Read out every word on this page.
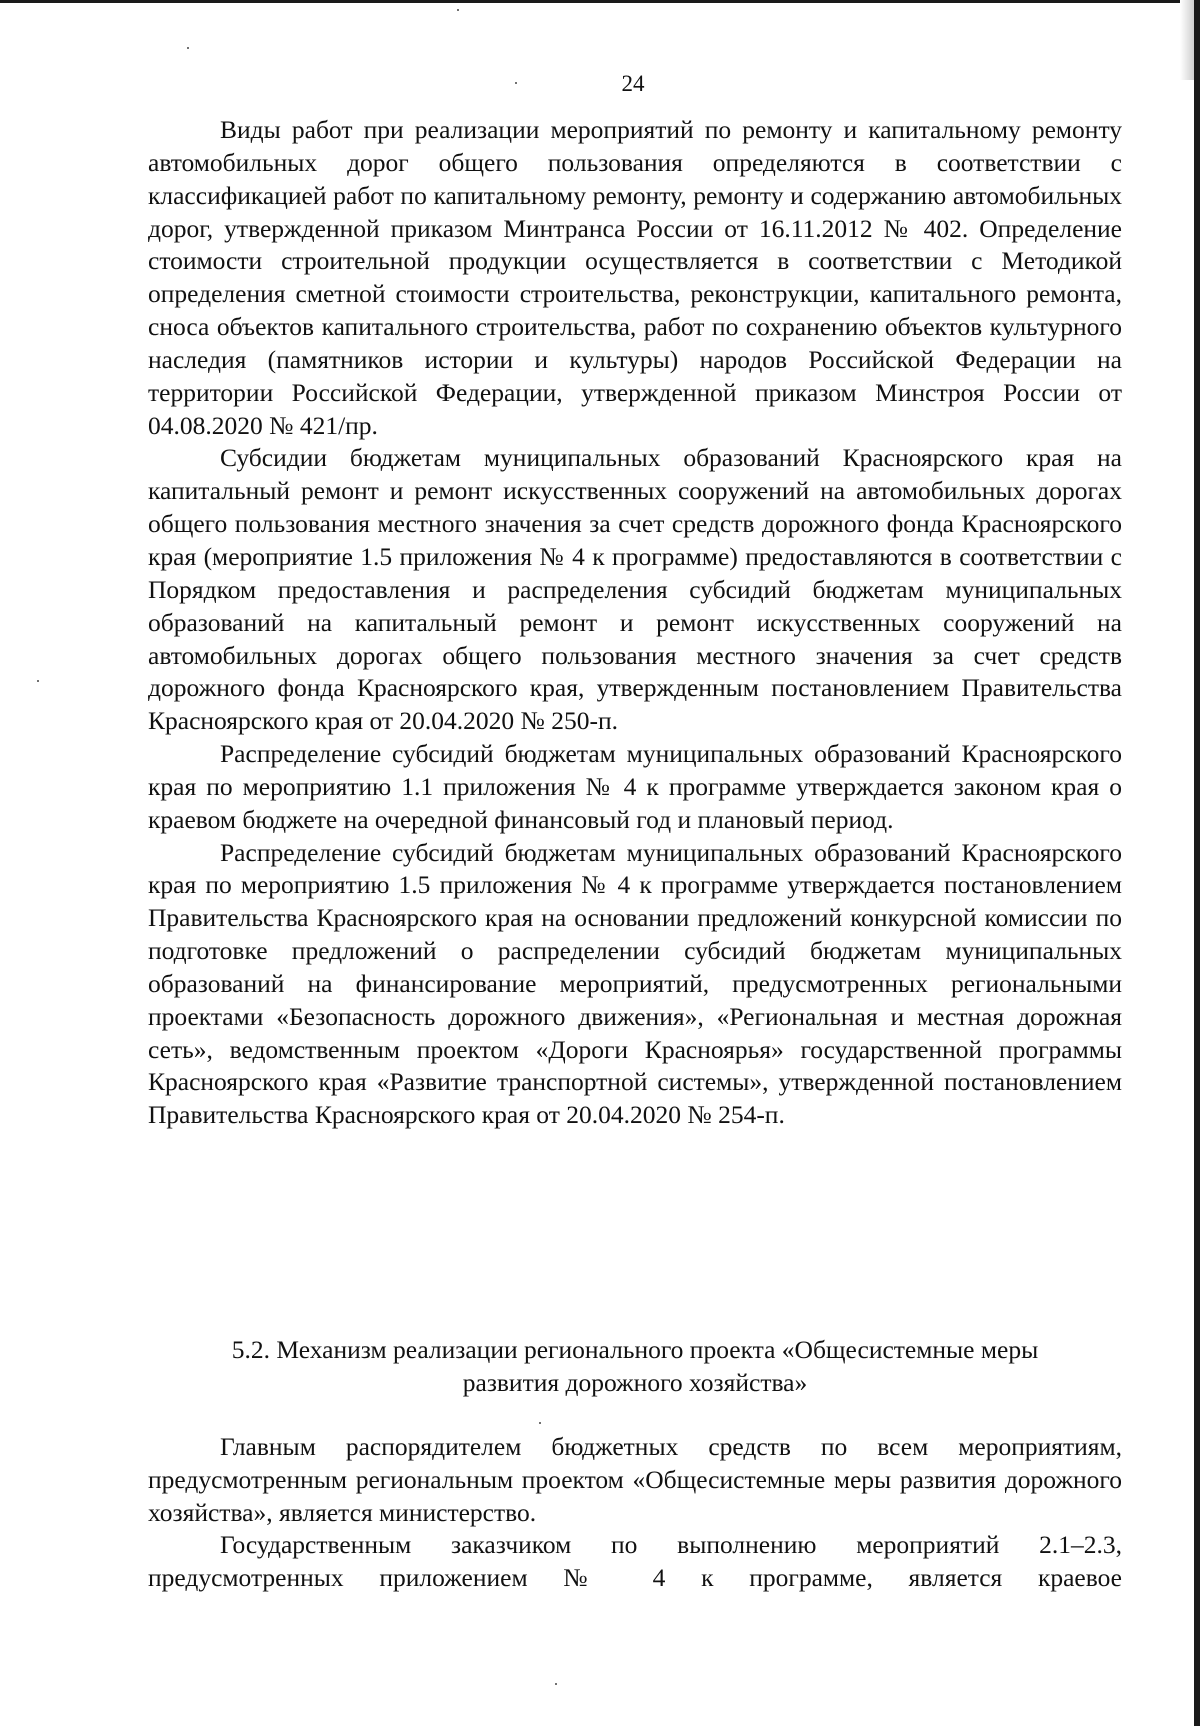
24

Виды работ при реализации мероприятий по ремонту и капитальному ремонту автомобильных дорог общего пользования определяются в соответствии с классификацией работ по капитальному ремонту, ремонту и содержанию автомобильных дорог, утвержденной приказом Минтранса России от 16.11.2012 № 402. Определение стоимости строительной продукции осуществляется в соответствии с Методикой определения сметной стоимости строительства, реконструкции, капитального ремонта, сноса объектов капитального строительства, работ по сохранению объектов культурного наследия (памятников истории и культуры) народов Российской Федерации на территории Российской Федерации, утвержденной приказом Минстроя России от 04.08.2020 № 421/пр.

Субсидии бюджетам муниципальных образований Красноярского края на капитальный ремонт и ремонт искусственных сооружений на автомобильных дорогах общего пользования местного значения за счет средств дорожного фонда Красноярского края (мероприятие 1.5 приложения № 4 к программе) предоставляются в соответствии с Порядком предоставления и распределения субсидий бюджетам муниципальных образований на капитальный ремонт и ремонт искусственных сооружений на автомобильных дорогах общего пользования местного значения за счет средств дорожного фонда Красноярского края, утвержденным постановлением Правительства Красноярского края от 20.04.2020 № 250-п.

Распределение субсидий бюджетам муниципальных образований Красноярского края по мероприятию 1.1 приложения № 4 к программе утверждается законом края о краевом бюджете на очередной финансовый год и плановый период.

Распределение субсидий бюджетам муниципальных образований Красноярского края по мероприятию 1.5 приложения № 4 к программе утверждается постановлением Правительства Красноярского края на основании предложений конкурсной комиссии по подготовке предложений о распределении субсидий бюджетам муниципальных образований на финансирование мероприятий, предусмотренных региональными проектами «Безопасность дорожного движения», «Региональная и местная дорожная сеть», ведомственным проектом «Дороги Красноярья» государственной программы Красноярского края «Развитие транспортной системы», утвержденной постановлением Правительства Красноярского края от 20.04.2020 № 254-п.

5.2. Механизм реализации регионального проекта «Общесистемные меры
развития дорожного хозяйства»

Главным распорядителем бюджетных средств по всем мероприятиям, предусмотренным региональным проектом «Общесистемные меры развития дорожного хозяйства», является министерство.

Государственным заказчиком по выполнению мероприятий 2.1–2.3, предусмотренных приложением № 4 к программе, является краевое
